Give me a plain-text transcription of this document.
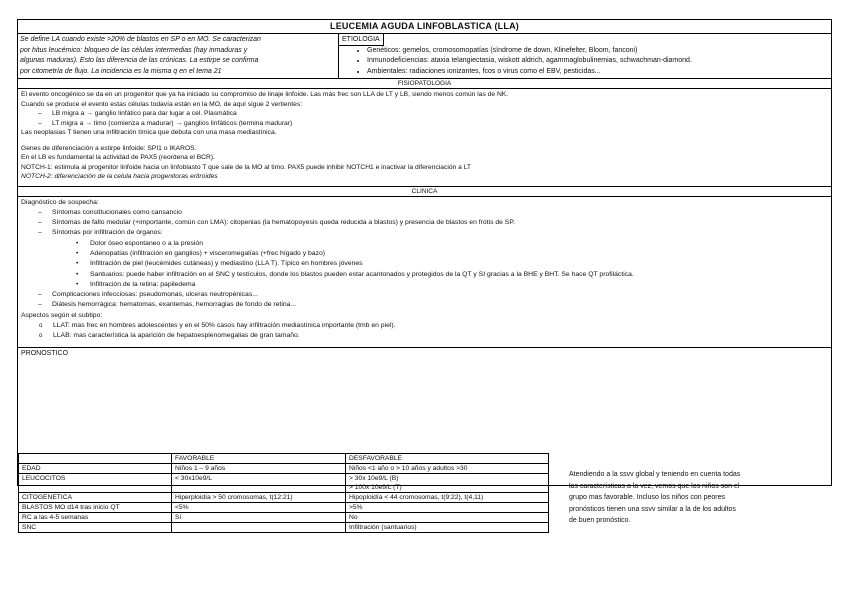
LEUCEMIA AGUDA LINFOBLASTICA (LLA)
Se define LA cuando existe >20% de blastos en SP o en MO. Se caracterizan
por hitus leucémico: bloqueo de las células intermedias (hay inmaduras y
algunas maduras). Esto las diferencia de las crónicas. La estirpe se confirma
por citometría de flujo. La incidencia es la misma q en el tema 21
ETIOLOGIA
• Genéticos: gemelos, cromosomopatías (síndrome de down, Klinefelter, Bloom, fanconi)
• Inmunodeficiencias: ataxia telangiectasia, wiskott aldrich, agammaglobulinemias, schwachman-diamond.
• Ambientales: radiaciones ionizantes, fcos o virus como el EBV, pesticidas...
FISIOPATOLOGIA

El evento oncogénico se da en un progenitor que ya ha iniciado su compromiso de linaje linfoide. Las más frec son LLA de LT y LB, siendo menos común las de NK.

Cuando se produce el evento estas células todavía están en la MO, de aquí sigue 2 vertientes:

– LB migra a → ganglio linfático para dar lugar a cel. Plasmática

– LT migra a → timo (comienza a madurar) → ganglios linfáticos (termina madurar)

Las neoplasias T tienen una infiltración tímica que debuta con una masa mediastínica.

Genes de diferenciación a estirpe linfoide: SPI1 o IKAROS.

En el LB es fundamental la actividad de PAX5 (reordena el BCR).

NOTCH-1: estimula al progenitor linfoide hacia un linfoblasto T que sale de la MO al timo. PAX5 puede inhibir NOTCH1 e inactivar la diferenciación a LT

NOTCH-2: diferenciación de la celula hacia progenitoras eritroides

CLINICA

Diagnóstico de sospecha:

– Síntomas constitucionales como cansancio

– Síntomas de fallo medular (+importante, común con LMA): citopenias (la hematopoyesis queda reducida a blastos) y presencia de blastos en frotis de SP.

– Síntomas por infiltración de órganos:

• Dolor óseo espontaneo o a la presión

• Adenopatías (infiltración en ganglios) + visceromegalías (+frec hígado y bazo)

• Infiltración de piel (leucémides cutáneas) y mediastino (LLA T). Típico en hombres jóvenes

• Santuarios: puede haber infiltración en el SNC y testículos, donde los blastos pueden estar acantonados y protegidos de la QT y SI gracias a la BHE y BHT. Se hace QT profiláctica.

• Infiltración de la retina: papiledema

– Complicaciones infecciosas: pseudomonas, ulceras neutropénicas...

– Diátesis hemorrágica: hematomas, exantemas, hemorragias de fondo de retina...

Aspectos según el subtipo:

o LLAT: mas frec en hombres adolescentes y en el 50% casos hay infiltración mediastínica importante (tmb en piel).

o LLAB: mas característica la aparición de hepatoesplenomegalias de gran tamaño.

PRONOSTICO
	FAVORABLE	DESFAVORABLE
EDAD	Niños 1 – 9 años	Niños <1 año o > 10 años y adultos >30
LEUCOCITOS	< 30x10e9/L	> 30x 10e9/L (B)
		> 100x 10e9/L (T)
CITOGENETICA	Hiperploidía > 50 cromosomas, t(12:21)	Hipoploidía < 44 cromosomas, t(9:22), t(4,11)
BLASTOS MO d14 tras inicio QT	<5%	>5%
RC a las 4-5 semanas	Sí	No
SNC		Infiltración (santuarios)
Atendiendo a la ssvv global y teniendo en cuenta todas
las características a la vez, vemos que los niños son el
grupo mas favorable. Incluso los niños con peores
pronósticos tienen una ssvv similar a la de los adultos
de buen pronóstico.
